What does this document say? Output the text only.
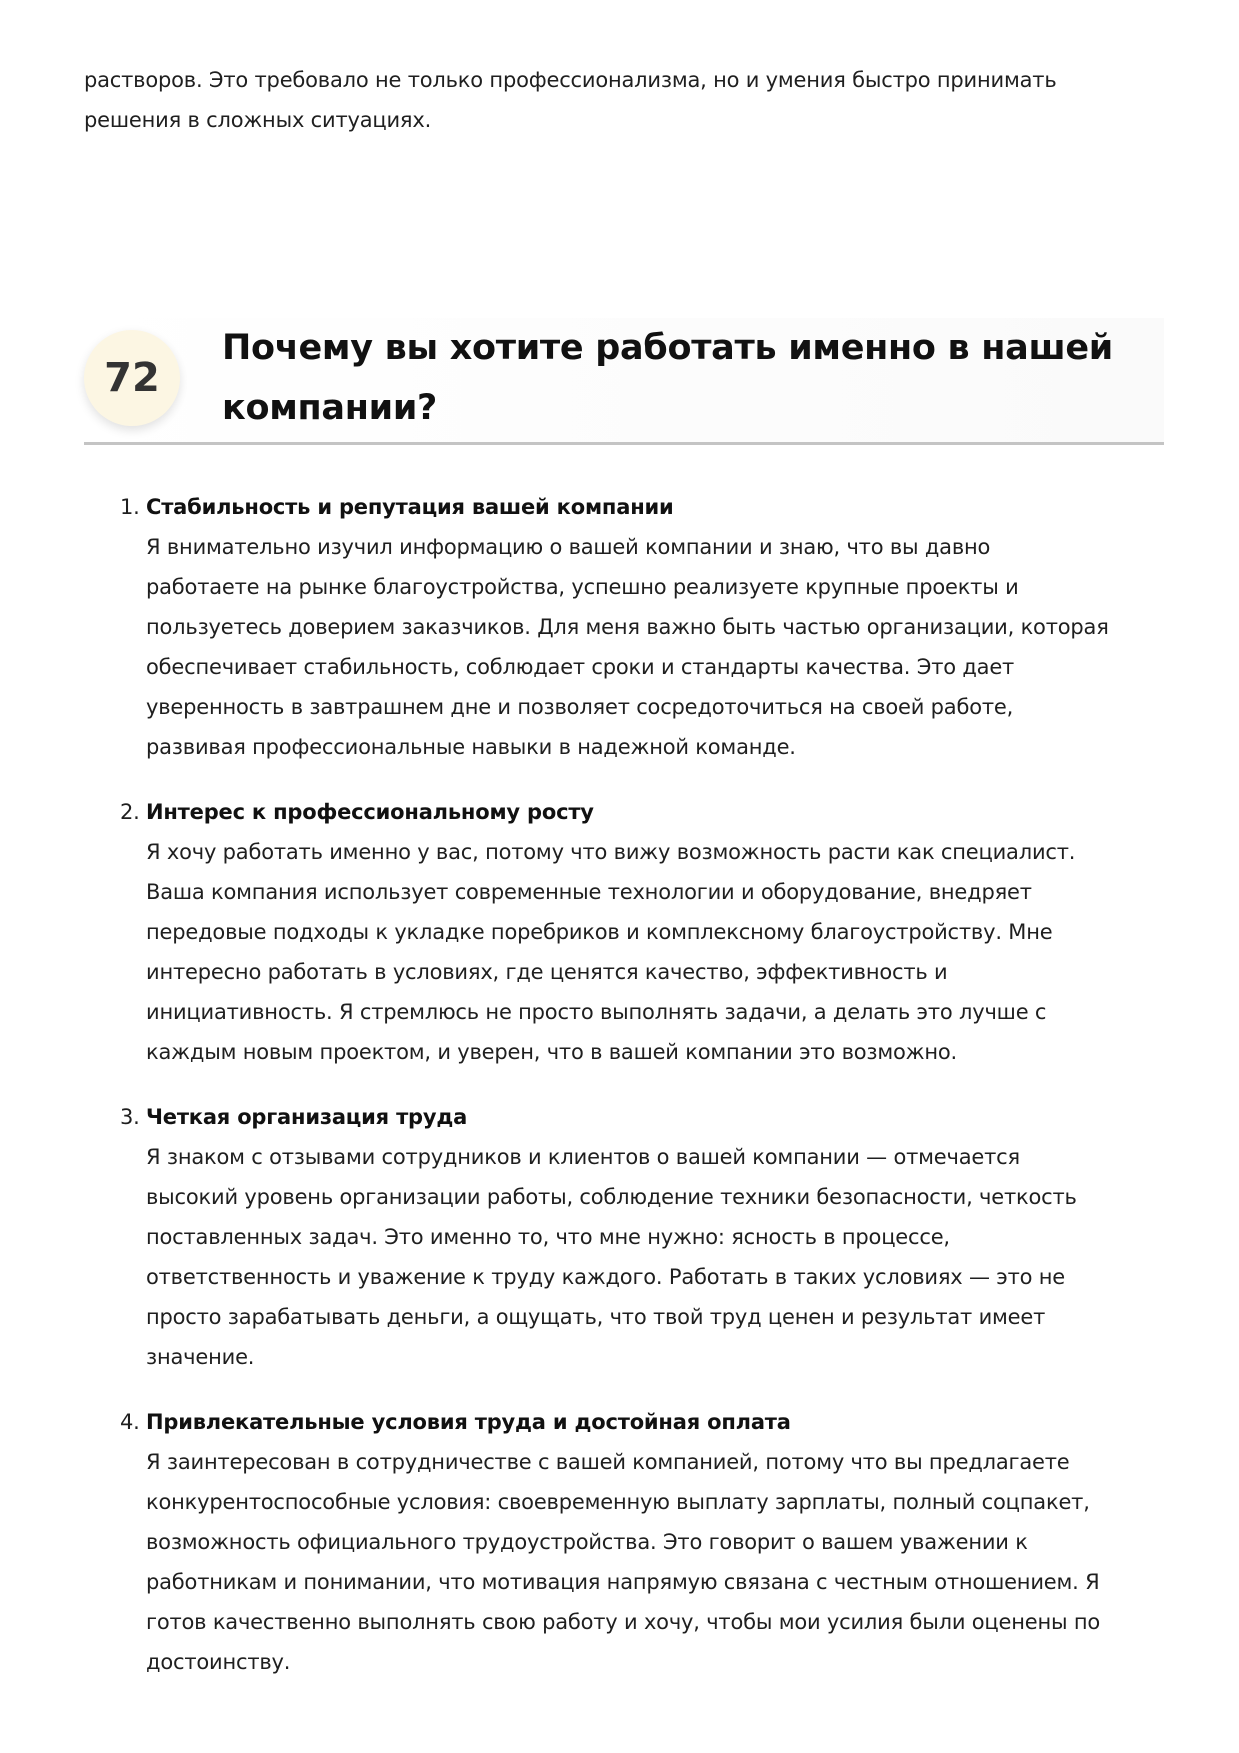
растворов. Это требовало не только профессионализма, но и умения быстро принимать
решения в сложных ситуациях.
72
Почему вы хотите работать именно в нашей
компании?
1. Стабильность и репутация вашей компании
Я внимательно изучил информацию о вашей компании и знаю, что вы давно
работаете на рынке благоустройства, успешно реализуете крупные проекты и
пользуетесь доверием заказчиков. Для меня важно быть частью организации, которая
обеспечивает стабильность, соблюдает сроки и стандарты качества. Это дает
уверенность в завтрашнем дне и позволяет сосредоточиться на своей работе,
развивая профессиональные навыки в надежной команде.
2. Интерес к профессиональному росту
Я хочу работать именно у вас, потому что вижу возможность расти как специалист.
Ваша компания использует современные технологии и оборудование, внедряет
передовые подходы к укладке поребриков и комплексному благоустройству. Мне
интересно работать в условиях, где ценятся качество, эффективность и
инициативность. Я стремлюсь не просто выполнять задачи, а делать это лучше с
каждым новым проектом, и уверен, что в вашей компании это возможно.
3. Четкая организация труда
Я знаком с отзывами сотрудников и клиентов о вашей компании — отмечается
высокий уровень организации работы, соблюдение техники безопасности, четкость
поставленных задач. Это именно то, что мне нужно: ясность в процессе,
ответственность и уважение к труду каждого. Работать в таких условиях — это не
просто зарабатывать деньги, а ощущать, что твой труд ценен и результат имеет
значение.
4. Привлекательные условия труда и достойная оплата
Я заинтересован в сотрудничестве с вашей компанией, потому что вы предлагаете
конкурентоспособные условия: своевременную выплату зарплаты, полный соцпакет,
возможность официального трудоустройства. Это говорит о вашем уважении к
работникам и понимании, что мотивация напрямую связана с честным отношением. Я
готов качественно выполнять свою работу и хочу, чтобы мои усилия были оценены по
достоинству.
